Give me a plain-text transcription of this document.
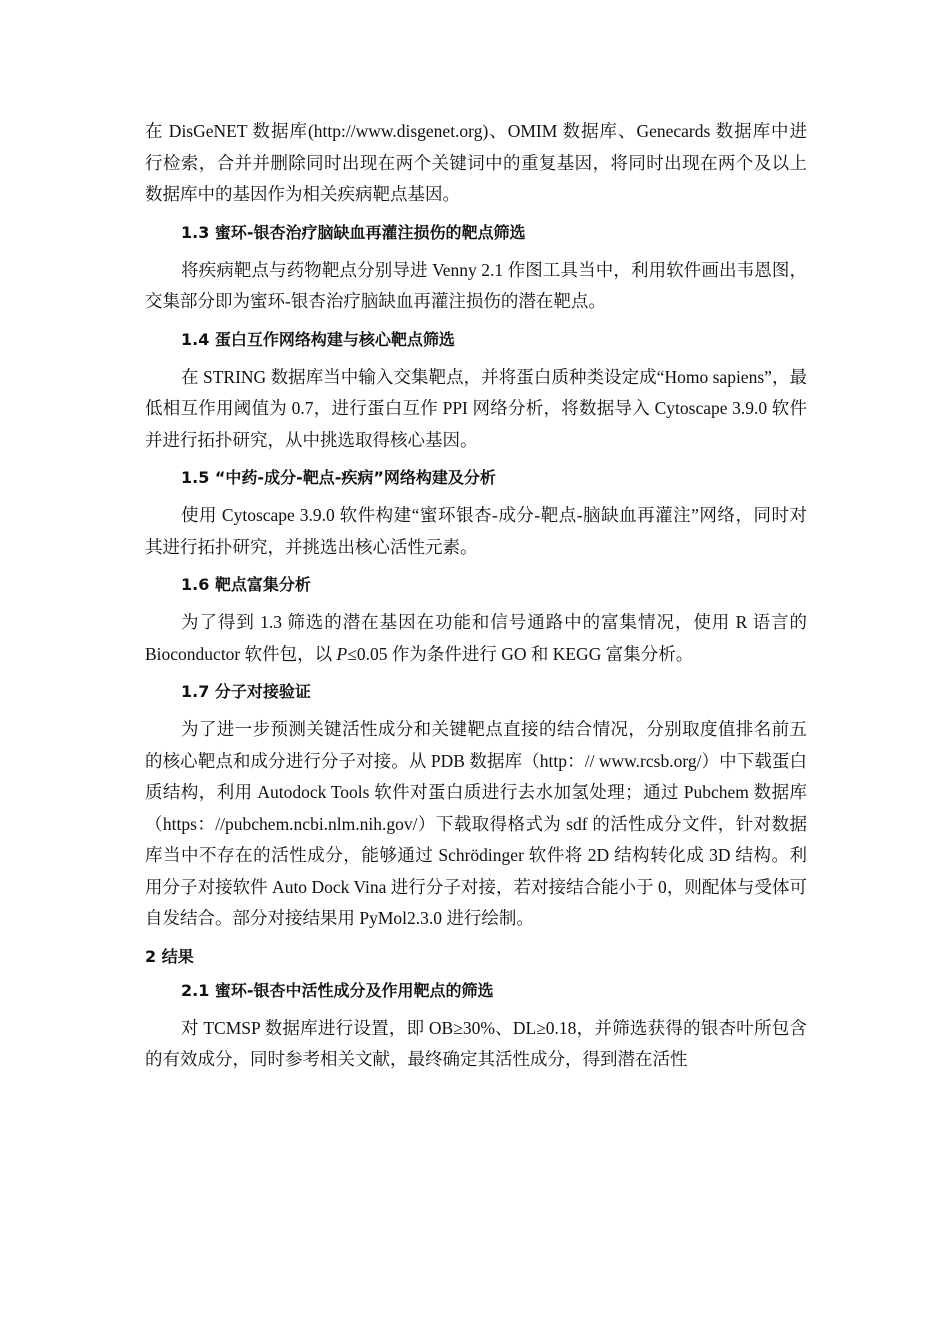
在 DisGeNET 数据库(http://www.disgenet.org)、OMIM 数据库、Genecards 数据库中进行检索，合并并删除同时出现在两个关键词中的重复基因，将同时出现在两个及以上数据库中的基因作为相关疾病靶点基因。

1.3 蜜环-银杏治疗脑缺血再灌注损伤的靶点筛选

将疾病靶点与药物靶点分别导进 Venny 2.1 作图工具当中，利用软件画出韦恩图，交集部分即为蜜环-银杏治疗脑缺血再灌注损伤的潜在靶点。

1.4 蛋白互作网络构建与核心靶点筛选

在 STRING 数据库当中输入交集靶点，并将蛋白质种类设定成“Homo sapiens”，最低相互作用阈值为 0.7，进行蛋白互作 PPI 网络分析，将数据导入 Cytoscape 3.9.0 软件并进行拓扑研究，从中挑选取得核心基因。

1.5 “中药-成分-靶点-疾病”网络构建及分析

使用 Cytoscape 3.9.0 软件构建“蜜环银杏-成分-靶点-脑缺血再灌注”网络，同时对其进行拓扑研究，并挑选出核心活性元素。

1.6 靶点富集分析

为了得到 1.3 筛选的潜在基因在功能和信号通路中的富集情况，使用 R 语言的 Bioconductor 软件包，以 P≤0.05 作为条件进行 GO 和 KEGG 富集分析。

1.7 分子对接验证

为了进一步预测关键活性成分和关键靶点直接的结合情况，分别取度值排名前五的核心靶点和成分进行分子对接。从 PDB 数据库（http：// www.rcsb.org/）中下载蛋白质结构，利用 Autodock Tools 软件对蛋白质进行去水加氢处理；通过 Pubchem 数据库（https：//pubchem.ncbi.nlm.nih.gov/）下载取得格式为 sdf 的活性成分文件，针对数据库当中不存在的活性成分，能够通过 Schrödinger 软件将 2D 结构转化成 3D 结构。利用分子对接软件 Auto Dock Vina 进行分子对接，若对接结合能小于 0，则配体与受体可自发结合。部分对接结果用 PyMol2.3.0 进行绘制。

2 结果
2.1 蜜环-银杏中活性成分及作用靶点的筛选

对 TCMSP 数据库进行设置，即 OB≥30%、DL≥0.18，并筛选获得的银杏叶所包含的有效成分，同时参考相关文献，最终确定其活性成分，得到潜在活性
